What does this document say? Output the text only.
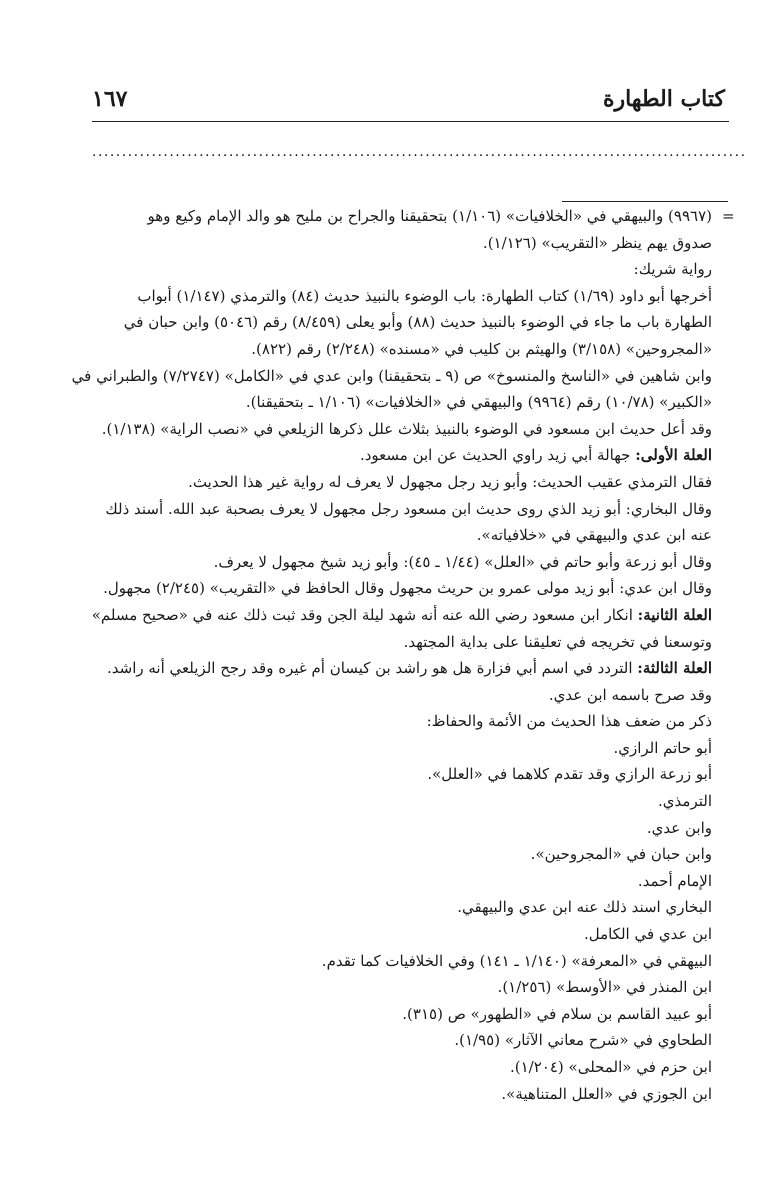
كتاب الطهارة
١٦٧
..............................................................................................................
=
(٩٩٦٧) والبيهقي في «الخلافيات» (١/١٠٦) بتحقيقنا والجراح بن مليح هو والد الإمام وكيع وهو
صدوق يهم ينظر «التقريب» (١/١٢٦).
رواية شريك:
أخرجها أبو داود (١/٦٩) كتاب الطهارة: باب الوضوء بالنبيذ حديث (٨٤) والترمذي (١/١٤٧) أبواب
الطهارة باب ما جاء في الوضوء بالنبيذ حديث (٨٨) وأبو يعلى (٨/٤٥٩) رقم (٥٠٤٦) وابن حبان في
«المجروحين» (٣/١٥٨) والهيثم بن كليب في «مسنده» (٢/٢٤٨) رقم (٨٢٢).
وابن شاهين في «الناسخ والمنسوخ» ص (٩ ـ بتحقيقنا) وابن عدي في «الكامل» (٧/٢٧٤٧) والطبراني في
«الكبير» (١٠/٧٨) رقم (٩٩٦٤) والبيهقي في «الخلافيات» (١/١٠٦ ـ بتحقيقنا).
وقد أعل حديث ابن مسعود في الوضوء بالنبيذ بثلاث علل ذكرها الزيلعي في «نصب الراية» (١/١٣٨).
العلة الأولى: جهالة أبي زيد راوي الحديث عن ابن مسعود.
فقال الترمذي عقيب الحديث: وأبو زيد رجل مجهول لا يعرف له رواية غير هذا الحديث.
وقال البخاري: أبو زيد الذي روى حديث ابن مسعود رجل مجهول لا يعرف بصحبة عبد الله. أسند ذلك
عنه ابن عدي والبيهقي في «خلافياته».
وقال أبو زرعة وأبو حاتم في «العلل» (١/٤٤ ـ ٤٥): وأبو زيد شيخ مجهول لا يعرف.
وقال ابن عدي: أبو زيد مولى عمرو بن حريث مجهول وقال الحافظ في «التقريب» (٢/٢٤٥) مجهول.
العلة الثانية: انكار ابن مسعود رضي الله عنه أنه شهد ليلة الجن وقد ثبت ذلك عنه في «صحيح مسلم»
وتوسعنا في تخريجه في تعليقنا على بداية المجتهد.
العلة الثالثة: التردد في اسم أبي فزارة هل هو راشد بن كيسان أم غيره وقد رجح الزيلعي أنه راشد.
وقد صرح باسمه ابن عدي.
ذكر من ضعف هذا الحديث من الأئمة والحفاظ:
أبو حاتم الرازي.
أبو زرعة الرازي وقد تقدم كلاهما في «العلل».
الترمذي.
وابن عدي.
وابن حبان في «المجروحين».
الإمام أحمد.
البخاري اسند ذلك عنه ابن عدي والبيهقي.
ابن عدي في الكامل.
البيهقي في «المعرفة» (١/١٤٠ ـ ١٤١) وفي الخلافيات كما تقدم.
ابن المنذر في «الأوسط» (١/٢٥٦).
أبو عبيد القاسم بن سلام في «الطهور» ص (٣١٥).
الطحاوي في «شرح معاني الآثار» (١/٩٥).
ابن حزم في «المحلى» (١/٢٠٤).
ابن الجوزي في «العلل المتناهية».
